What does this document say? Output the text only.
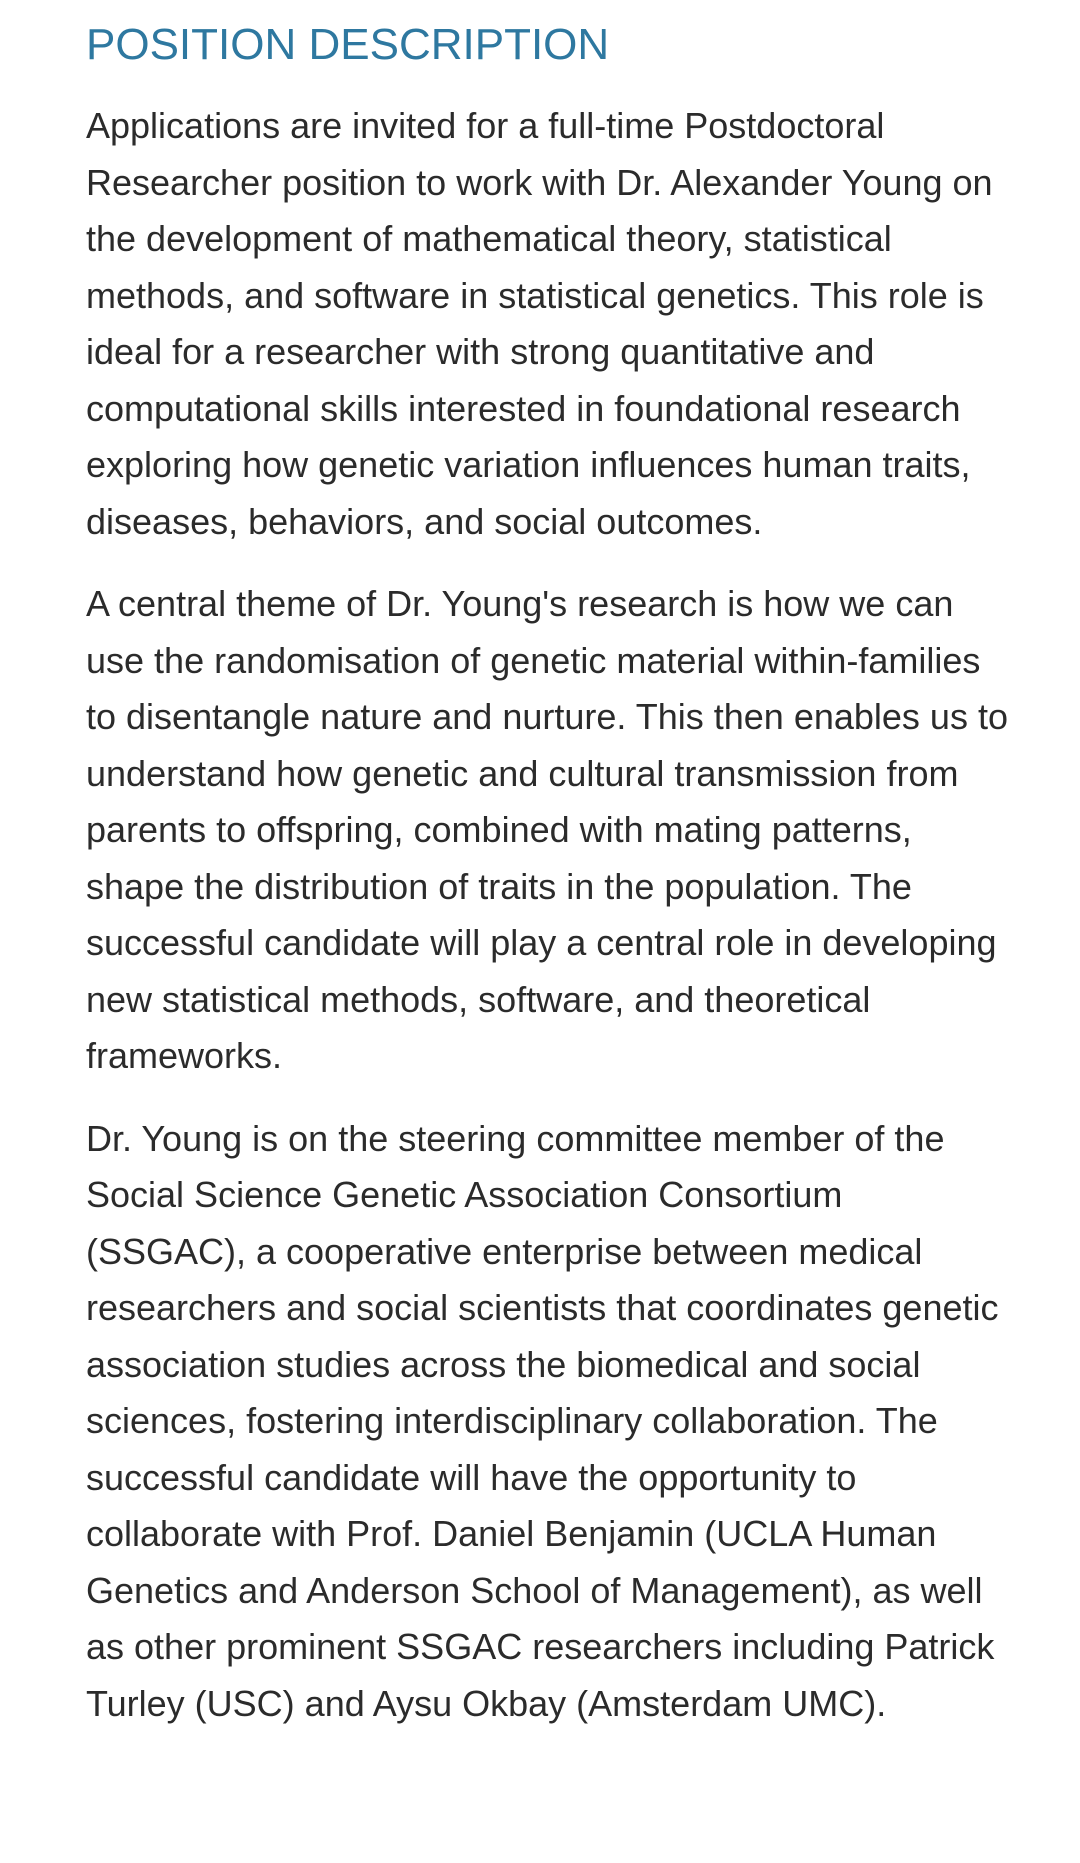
POSITION DESCRIPTION

Applications are invited for a full-time Postdoctoral Researcher position to work with Dr. Alexander Young on the development of mathematical theory, statistical methods, and software in statistical genetics. This role is ideal for a researcher with strong quantitative and computational skills interested in foundational research exploring how genetic variation influences human traits, diseases, behaviors, and social outcomes.

A central theme of Dr. Young's research is how we can use the randomisation of genetic material within-families to disentangle nature and nurture. This then enables us to understand how genetic and cultural transmission from parents to offspring, combined with mating patterns, shape the distribution of traits in the population. The successful candidate will play a central role in developing new statistical methods, software, and theoretical frameworks.

Dr. Young is on the steering committee member of the Social Science Genetic Association Consortium (SSGAC), a cooperative enterprise between medical researchers and social scientists that coordinates genetic association studies across the biomedical and social sciences, fostering interdisciplinary collaboration. The successful candidate will have the opportunity to collaborate with Prof. Daniel Benjamin (UCLA Human Genetics and Anderson School of Management), as well as other prominent SSGAC researchers including Patrick Turley (USC) and Aysu Okbay (Amsterdam UMC).
